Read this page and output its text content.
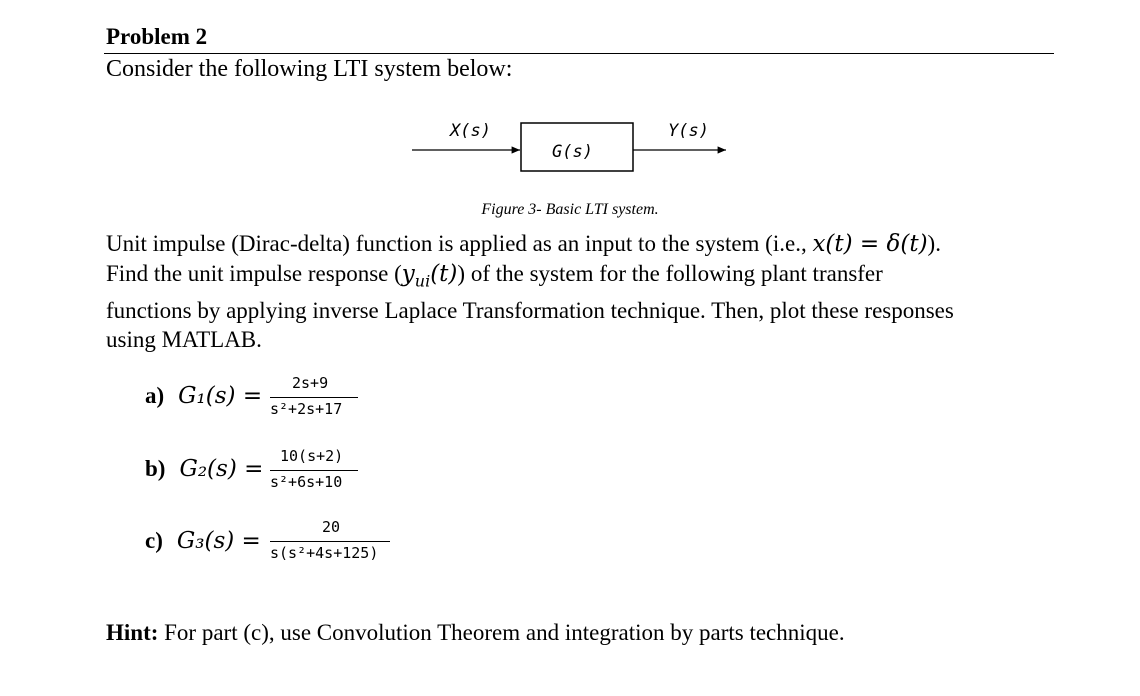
Problem 2
Consider the following LTI system below:
X(s)
G(s)
Y(s)
Figure 3- Basic LTI system.
Unit impulse (Dirac-delta) function is applied as an input to the system (i.e., x(t) = δ(t)).
Find the unit impulse response $(y_{ui}(t))$ of the system for the following plant transfer
functions by applying inverse Laplace Transformation technique. Then, plot these responses
using MATLAB.
a) G₁(s) = 2s+9
s²+2s+17
b) G₂(s) = 10(s+2)
s²+6s+10
c) G₃(s) =
20
s(s²+4s+125)
Hint: For part (c), use Convolution Theorem and integration by parts technique.
